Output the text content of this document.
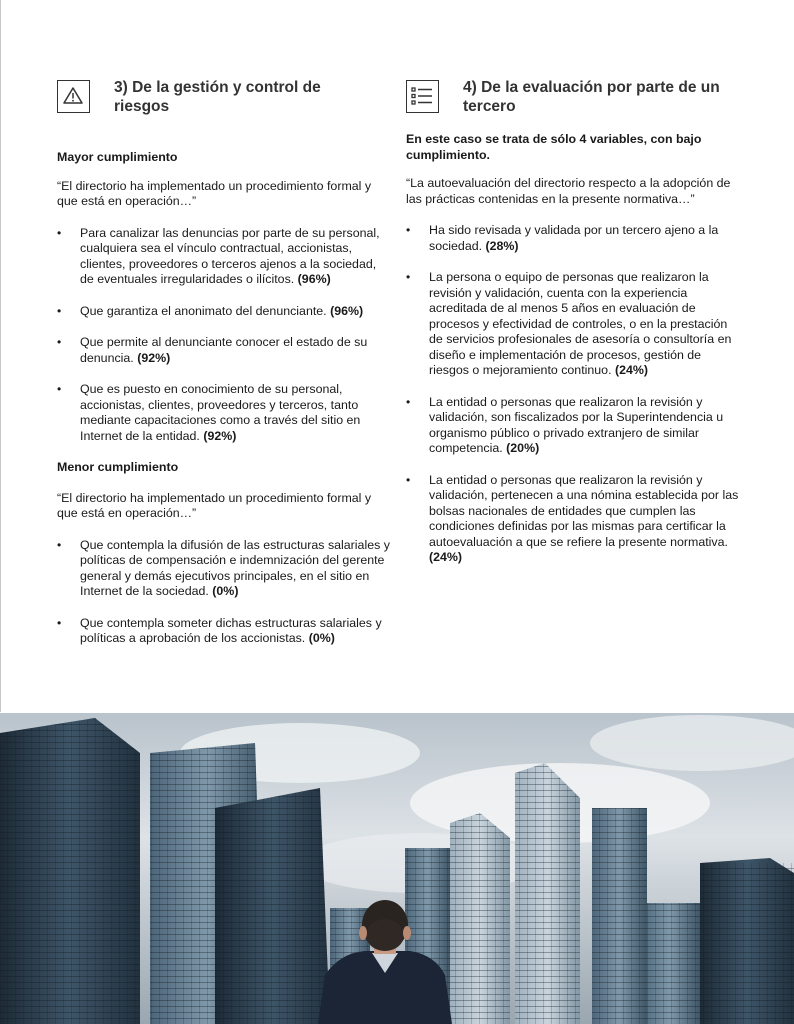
3) De la gestión y control de riesgos
Mayor cumplimiento

“El directorio ha implementado un procedimiento formal y que está en operación…”

• Para canalizar las denuncias por parte de su personal, cualquiera sea el vínculo contractual, accionistas, clientes, proveedores o terceros ajenos a la sociedad, de eventuales irregularidades o ilícitos. (96%)
• Que garantiza el anonimato del denunciante. (96%)
• Que permite al denunciante conocer el estado de su denuncia. (92%)
• Que es puesto en conocimiento de su personal, accionistas, clientes, proveedores y terceros, tanto mediante capacitaciones como a través del sitio en Internet de la entidad. (92%)
Menor cumplimiento

“El directorio ha implementado un procedimiento formal y que está en operación…”

• Que contempla la difusión de las estructuras salariales y políticas de compensación e indemnización del gerente general y demás ejecutivos principales, en el sitio en Internet de la sociedad. (0%)
• Que contempla someter dichas estructuras salariales y políticas a aprobación de los accionistas. (0%)
4) De la evaluación por parte de un tercero
En este caso se trata de sólo 4 variables, con bajo cumplimiento.

“La autoevaluación del directorio respecto a la adopción de las prácticas contenidas en la presente normativa…”

• Ha sido revisada y validada por un tercero ajeno a la sociedad. (28%)
• La persona o equipo de personas que realizaron la revisión y validación, cuenta con la experiencia acreditada de al menos 5 años en evaluación de procesos y efectividad de controles, o en la prestación de servicios profesionales de asesoría o consultoría en diseño e implementación de procesos, gestión de riesgos o mejoramiento continuo. (24%)
• La entidad o personas que realizaron la revisión y validación, son fiscalizados por la Superintendencia u organismo público o privado extranjero de similar competencia. (20%)
• La entidad o personas que realizaron la revisión y validación, pertenecen a una nómina establecida por las bolsas nacionales de entidades que cumplen las condiciones definidas por las mismas para certificar la autoevaluación a que se refiere la presente normativa. (24%)
